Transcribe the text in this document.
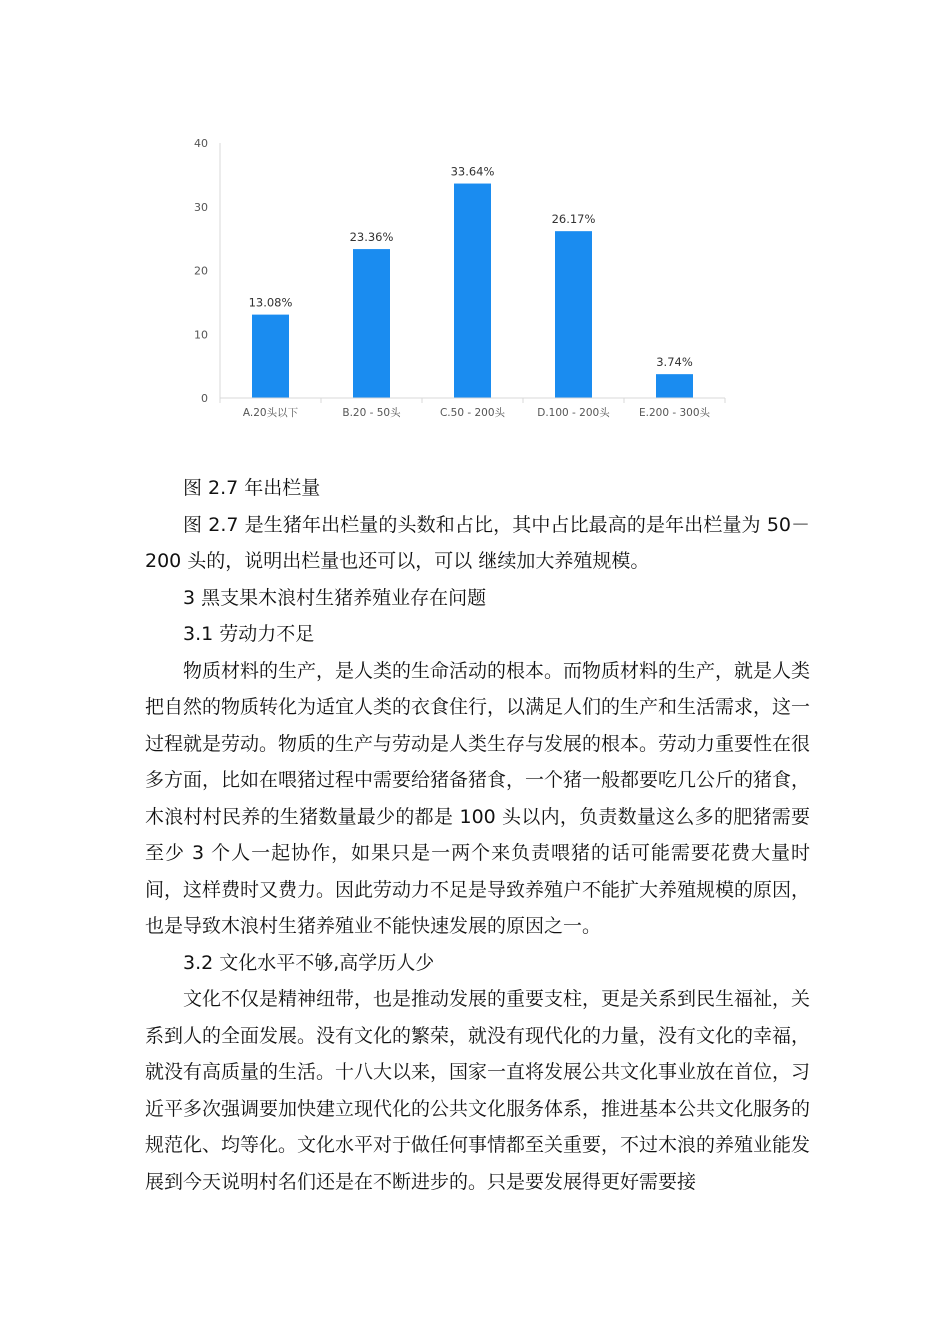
0
10
20
30
40
13.08%
23.36%
33.64%
26.17%
3.74%
A.20头以下	B.20 - 50头	C.50 - 200头	D.100 - 200头	E.200 - 300头

图 2.7 年出栏量

图 2.7 是生猪年出栏量的头数和占比，其中占比最高的是年出栏量为 50－200 头的，说明出栏量也还可以，可以 继续加大养殖规模。

3 黑支果木浪村生猪养殖业存在问题

3.1 劳动力不足

物质材料的生产，是人类的生命活动的根本。而物质材料的生产，就是人类把自然的物质转化为适宜人类的衣食住行，以满足人们的生产和生活需求，这一过程就是劳动。物质的生产与劳动是人类生存与发展的根本。劳动力重要性在很多方面，比如在喂猪过程中需要给猪备猪食，一个猪一般都要吃几公斤的猪食，木浪村村民养的生猪数量最少的都是 100 头以内，负责数量这么多的肥猪需要至少 3 个人一起协作，如果只是一两个来负责喂猪的话可能需要花费大量时间，这样费时又费力。因此劳动力不足是导致养殖户不能扩大养殖规模的原因，也是导致木浪村生猪养殖业不能快速发展的原因之一。

3.2 文化水平不够,高学历人少

文化不仅是精神纽带，也是推动发展的重要支柱，更是关系到民生福祉，关系到人的全面发展。没有文化的繁荣，就没有现代化的力量，没有文化的幸福，就没有高质量的生活。十八大以来，国家一直将发展公共文化事业放在首位，习近平多次强调要加快建立现代化的公共文化服务体系，推进基本公共文化服务的规范化、均等化。文化水平对于做任何事情都至关重要，不过木浪的养殖业能发展到今天说明村名们还是在不断进步的。只是要发展得更好需要接
